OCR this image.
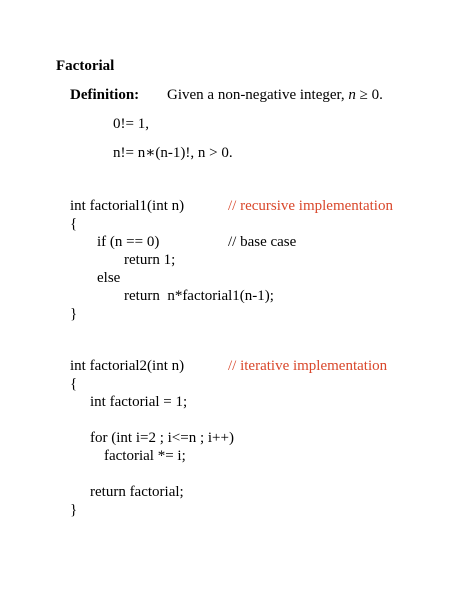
Factorial
Definition: Given a non-negative integer, n ≥ 0.
0!= 1,
n!= n∗(n-1)!, n > 0.
int factorial1(int n)	// recursive implementation
{
if (n == 0)	// base case
return 1;
else
return  n*factorial1(n-1);
}
int factorial2(int n)	// iterative implementation
{
int factorial = 1;
for (int i=2 ; i<=n ; i++)
factorial *= i;
return factorial;
}
